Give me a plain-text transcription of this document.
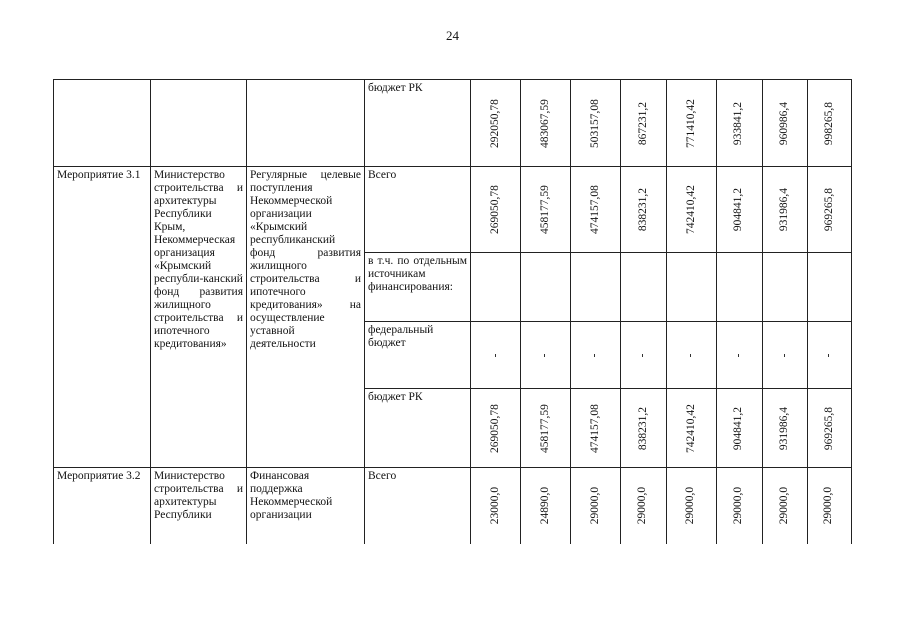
24
			бюджет РК	292050,78	483067,59	503157,08	867231,2	771410,42	933841,2	960986,4	998265,8
Мероприятие 3.1	Министерство строительства и архитектуры Республики Крым, Некоммерческая организация «Крымский республи-канский фонд развития жилищного строительства и ипотечного кредитования»	Регулярные целевые поступления Некоммерческой организации «Крымский республиканский фонд развития жилищного строительства и ипотечного кредитования» на осуществление уставной деятельности	Всего	269050,78	458177,59	474157,08	838231,2	742410,42	904841,2	931986,4	969265,8
			в т.ч. по отдельным источникам финансирования:								
			федеральный бюджет	-	-	-	-	-	-	-	-
			бюджет РК	269050,78	458177,59	474157,08	838231,2	742410,42	904841,2	931986,4	969265,8
Мероприятие 3.2	Министерство строительства и архитектуры Республики	Финансовая поддержка Некоммерческой организации	Всего	23000,0	24890,0	29000,0	29000,0	29000,0	29000,0	29000,0	29000,0
